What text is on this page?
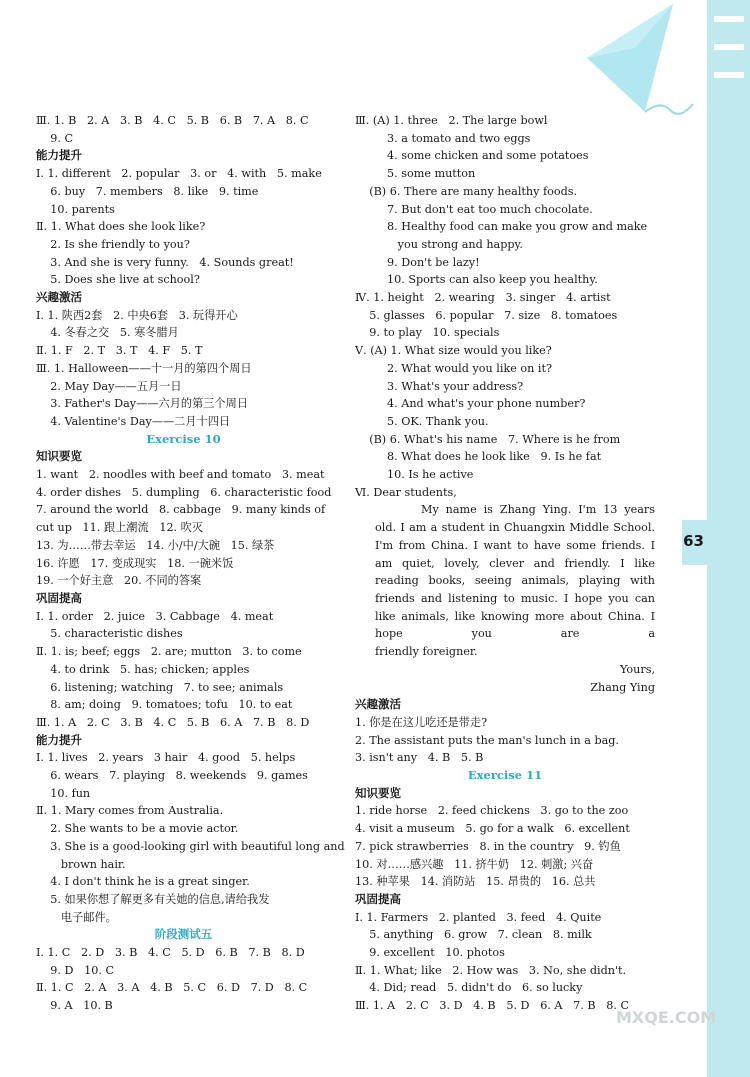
63
Ⅲ. 1. B   2. A   3. B   4. C   5. B   6. B   7. A   8. C
9. C
能力提升
Ⅰ. 1. different   2. popular   3. or   4. with   5. make
6. buy   7. members   8. like   9. time
10. parents
Ⅱ. 1. What does she look like?
2. Is she friendly to you?
3. And she is very funny.   4. Sounds great!
5. Does she live at school?
兴趣激活
Ⅰ. 1. 陕西2套   2. 中央6套   3. 玩得开心
4. 冬春之交   5. 寒冬腊月
Ⅱ. 1. F   2. T   3. T   4. F   5. T
Ⅲ. 1. Halloween——十一月的第四个周日
2. May Day——五月一日
3. Father's Day——六月的第三个周日
4. Valentine's Day——二月十四日
Exercise 10
知识要览
1. want   2. noodles with beef and tomato   3. meat
4. order dishes   5. dumpling   6. characteristic food
7. around the world   8. cabbage   9. many kinds of
cut up   11. 跟上潮流   12. 吹灭
13. 为……带去幸运   14. 小/中/大碗   15. 绿茶
16. 许愿   17. 变成现实   18. 一碗米饭
19. 一个好主意   20. 不同的答案
巩固提高
Ⅰ. 1. order   2. juice   3. Cabbage   4. meat
5. characteristic dishes
Ⅱ. 1. is; beef; eggs   2. are; mutton   3. to come
4. to drink   5. has; chicken; apples
6. listening; watching   7. to see; animals
8. am; doing   9. tomatoes; tofu   10. to eat
Ⅲ. 1. A   2. C   3. B   4. C   5. B   6. A   7. B   8. D
能力提升
Ⅰ. 1. lives   2. years   3 hair   4. good   5. helps
6. wears   7. playing   8. weekends   9. games
10. fun
Ⅱ. 1. Mary comes from Australia.
2. She wants to be a movie actor.
3. She is a good-looking girl with beautiful long and
brown hair.
4. I don't think he is a great singer.
5. 如果你想了解更多有关她的信息,请给我发
电子邮件。
阶段测试五
Ⅰ. 1. C   2. D   3. B   4. C   5. D   6. B   7. B   8. D
9. D   10. C
Ⅱ. 1. C   2. A   3. A   4. B   5. C   6. D   7. D   8. C
9. A   10. B
Ⅲ. (A) 1. three   2. The large bowl
3. a tomato and two eggs
4. some chicken and some potatoes
5. some mutton
(B) 6. There are many healthy foods.
7. But don't eat too much chocolate.
8. Healthy food can make you grow and make
you strong and happy.
9. Don't be lazy!
10. Sports can also keep you healthy.
Ⅳ. 1. height   2. wearing   3. singer   4. artist
5. glasses   6. popular   7. size   8. tomatoes
9. to play   10. specials
Ⅴ. (A) 1. What size would you like?
2. What would you like on it?
3. What's your address?
4. And what's your phone number?
5. OK. Thank you.
(B) 6. What's his name   7. Where is he from
8. What does he look like   9. Is he fat
10. Is he active
Ⅵ. Dear students,
My name is Zhang Ying. I'm 13 years old. I am a student in Chuangxin Middle School. I'm from China. I want to have some friends. I am quiet, lovely, clever and friendly. I like reading books, seeing animals, playing with friends and listening to music. I hope you can like animals, like knowing more about China. I hope you are a
friendly foreigner.
Yours,
Zhang Ying
兴趣激活
1. 你是在这儿吃还是带走?
2. The assistant puts the man's lunch in a bag.
3. isn't any   4. B   5. B
Exercise 11
知识要览
1. ride horse   2. feed chickens   3. go to the zoo
4. visit a museum   5. go for a walk   6. excellent
7. pick strawberries   8. in the country   9. 钓鱼
10. 对……感兴趣   11. 挤牛奶   12. 刺激; 兴奋
13. 种苹果   14. 消防站   15. 昂贵的   16. 总共
巩固提高
Ⅰ. 1. Farmers   2. planted   3. feed   4. Quite
5. anything   6. grow   7. clean   8. milk
9. excellent   10. photos
Ⅱ. 1. What; like   2. How was   3. No, she didn't.
4. Did; read   5. didn't do   6. so lucky
Ⅲ. 1. A   2. C   3. D   4. B   5. D   6. A   7. B   8. C
MXQE.COM
